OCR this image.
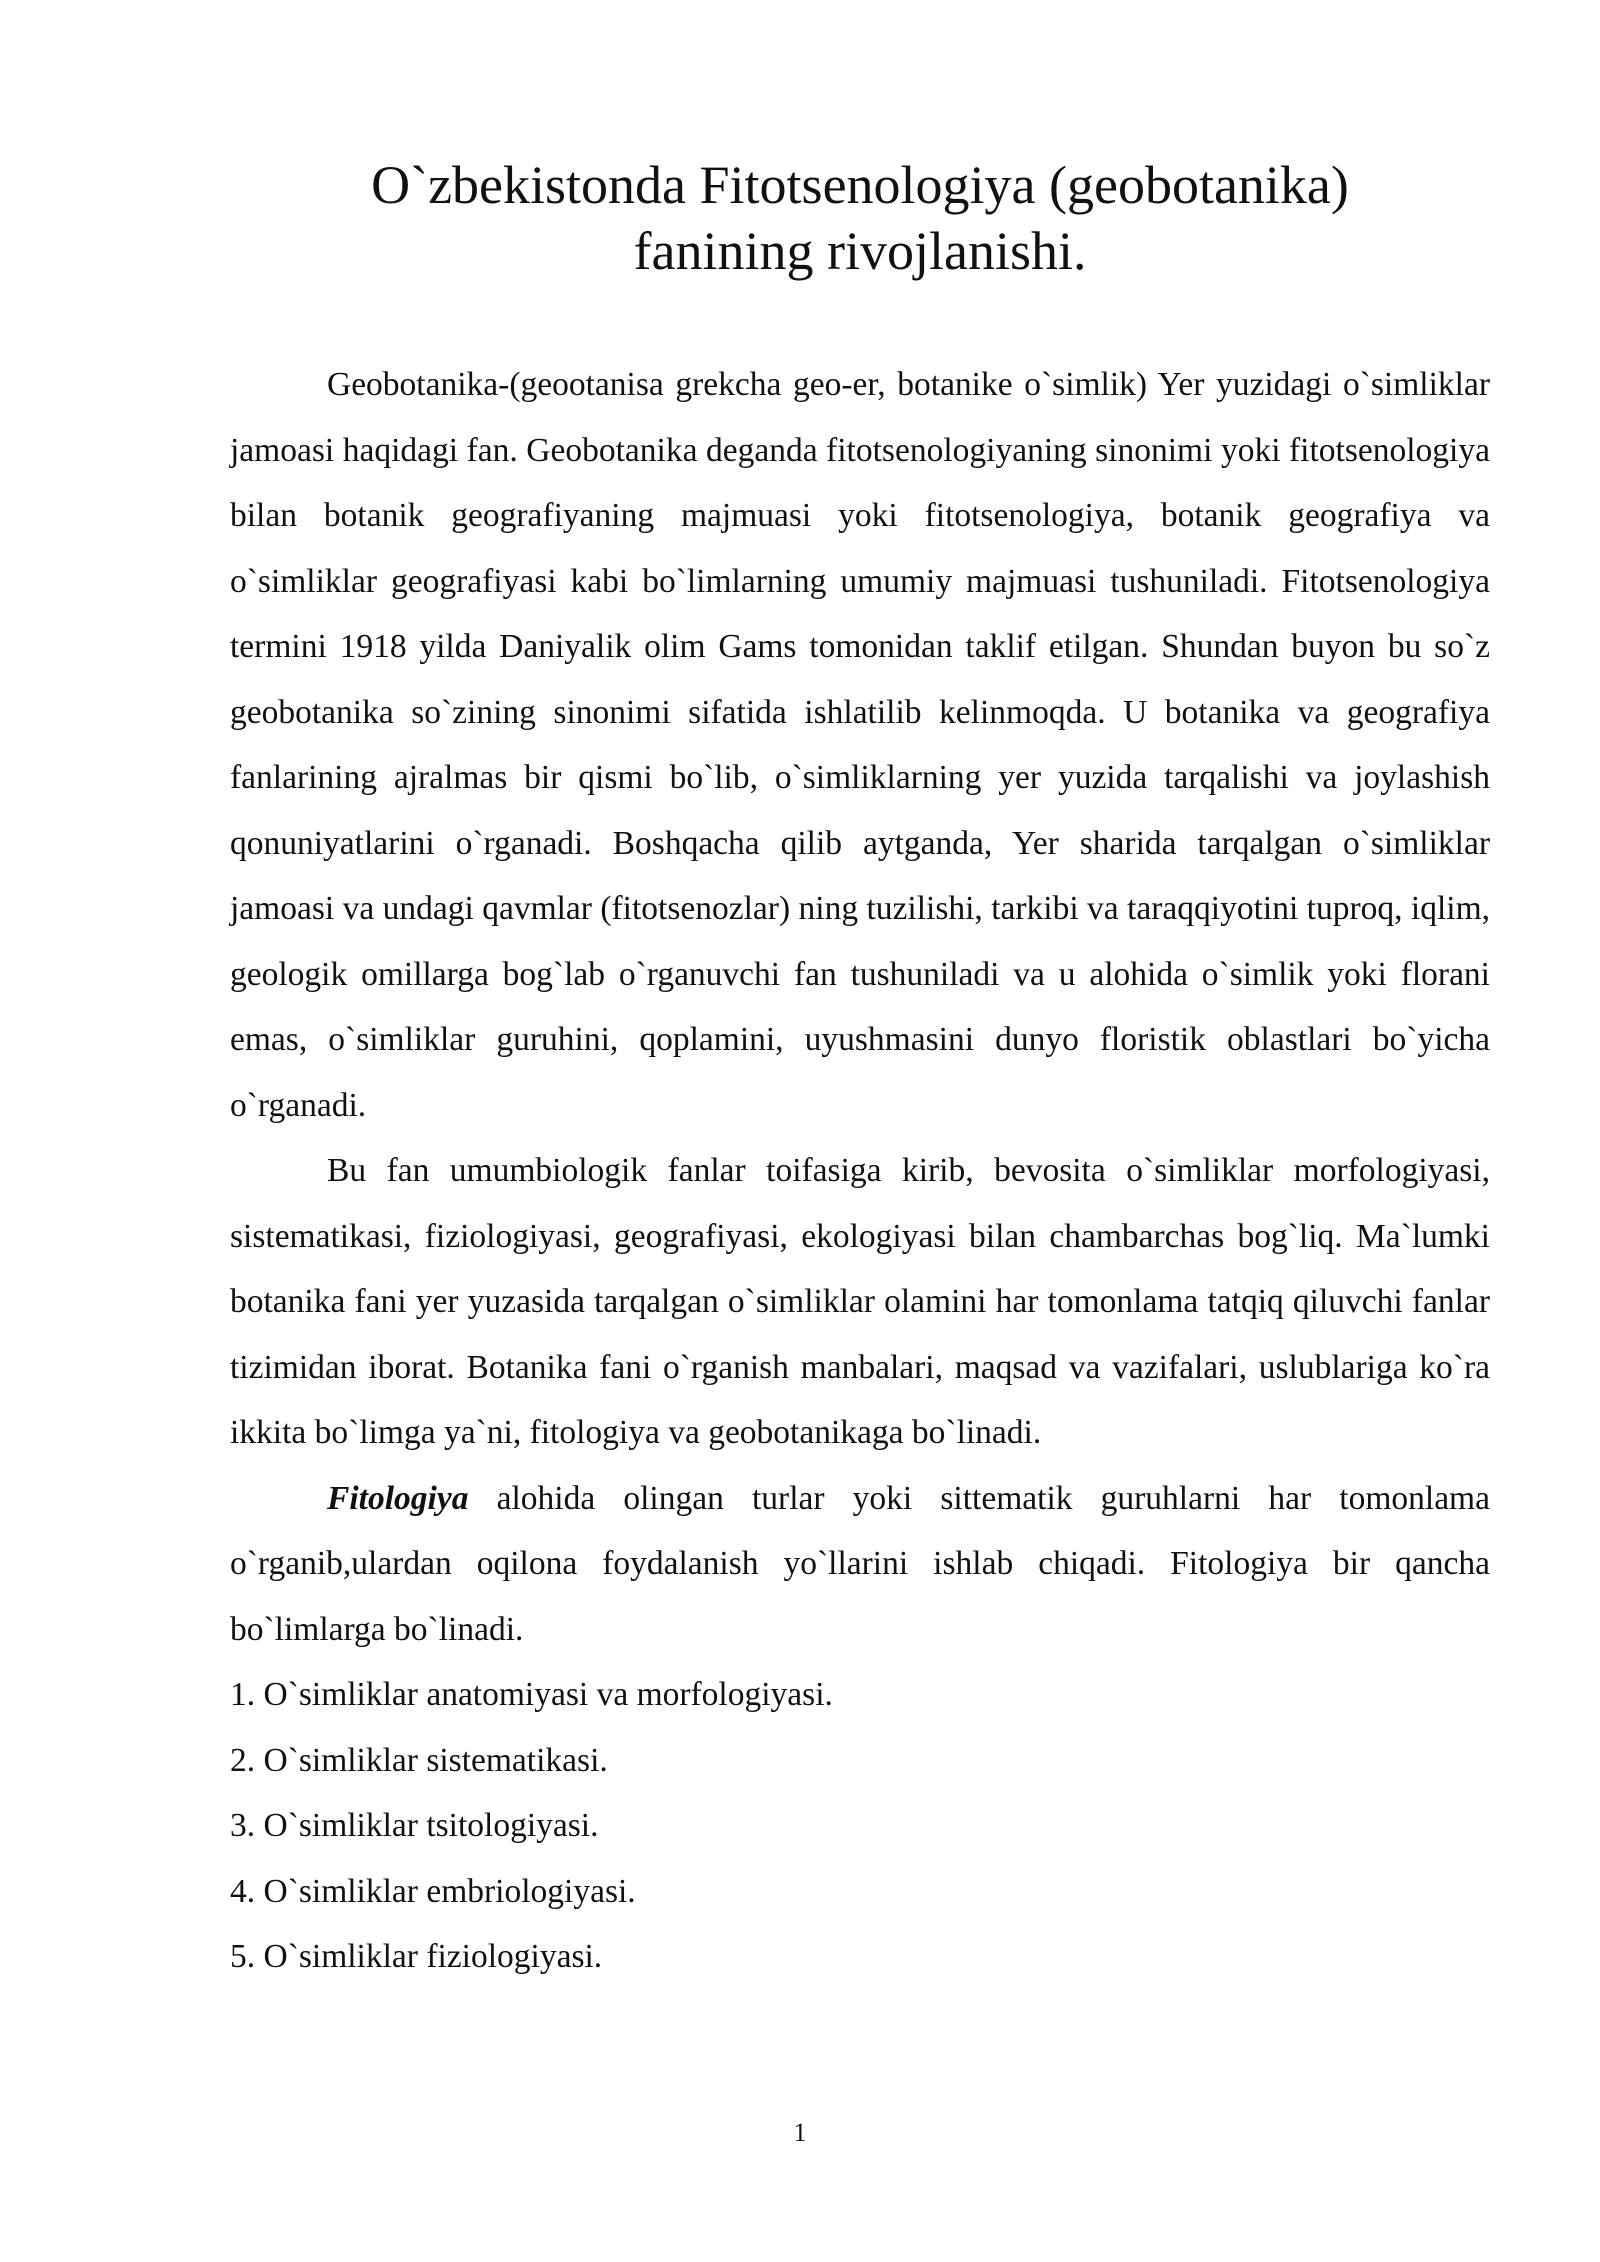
O`zbekistonda Fitotsenologiya (geobotanika)
fanining rivojlanishi.

Geobotanika-(geootanisa grekcha geo-er, botanike o`simlik) Yer yuzidagi o`simliklar jamoasi haqidagi fan. Geobotanika deganda fitotsenologiyaning sinonimi yoki fitotsenologiya bilan botanik geografiyaning majmuasi yoki fitotsenologiya, botanik geografiya va o`simliklar geografiyasi kabi bo`limlarning umumiy majmuasi tushuniladi. Fitotsenologiya termini 1918 yilda Daniyalik olim Gams tomonidan taklif etilgan. Shundan buyon bu so`z geobotanika so`zining sinonimi sifatida ishlatilib kelinmoqda. U botanika va geografiya fanlarining ajralmas bir qismi bo`lib, o`simliklarning yer yuzida tarqalishi va joylashish qonuniyatlarini o`rganadi. Boshqacha qilib aytganda, Yer sharida tarqalgan o`simliklar jamoasi va undagi qavmlar (fitotsenozlar) ning tuzilishi, tarkibi va taraqqiyotini tuproq, iqlim, geologik omillarga bog`lab o`rganuvchi fan tushuniladi va u alohida o`simlik yoki florani emas, o`simliklar guruhini, qoplamini, uyushmasini dunyo floristik oblastlari bo`yicha o`rganadi.

Bu fan umumbiologik fanlar toifasiga kirib, bevosita o`simliklar morfologiyasi, sistematikasi, fiziologiyasi, geografiyasi, ekologiyasi bilan chambarchas bog`liq. Ma`lumki botanika fani yer yuzasida tarqalgan o`simliklar olamini har tomonlama tatqiq qiluvchi fanlar tizimidan iborat. Botanika fani o`rganish manbalari, maqsad va vazifalari, uslublariga ko`ra ikkita bo`limga ya`ni, fitologiya va geobotanikaga bo`linadi.

Fitologiya alohida olingan turlar yoki sittematik guruhlarni har tomonlama o`rganib,ulardan oqilona foydalanish yo`llarini ishlab chiqadi. Fitologiya bir qancha bo`limlarga bo`linadi.

1. O`simliklar anatomiyasi va morfologiyasi.

2. O`simliklar sistematikasi.

3. O`simliklar tsitologiyasi.

4. O`simliklar embriologiyasi.

5. O`simliklar fiziologiyasi.

1
